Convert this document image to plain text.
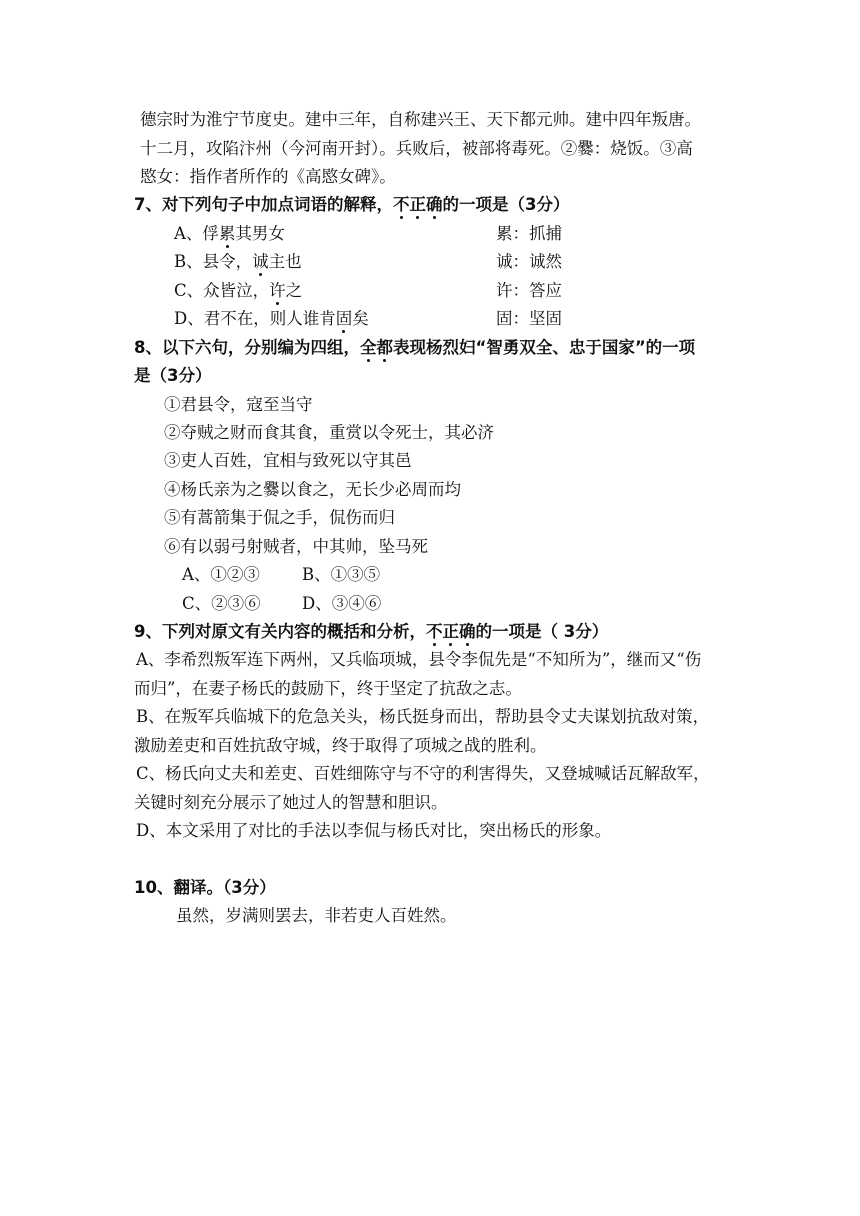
德宗时为淮宁节度史。建中三年，自称建兴王、天下都元帅。建中四年叛唐。
十二月，攻陷汴州（今河南开封）。兵败后，被部将毒死。②爨：烧饭。③高
愍女：指作者所作的《高愍女碑》。
7、对下列句子中加点词语的解释，不正确的一项是（3分）
A、俘累其男女	累：抓捕
B、县令，诚主也	诚：诚然
C、众皆泣，许之	许：答应
D、君不在，则人谁肯固矣	固：坚固
8、以下六句，分别编为四组，全都表现杨烈妇“智勇双全、忠于国家”的一项
是（3分）
①君县令，寇至当守
②夺贼之财而食其食，重赏以令死士，其必济
③吏人百姓，宜相与致死以守其邑
④杨氏亲为之爨以食之，无长少必周而均
⑤有蒿箭集于侃之手，侃伤而归
⑥有以弱弓射贼者，中其帅，坠马死
A、①②③	B、①③⑤
C、②③⑥	D、③④⑥
9、下列对原文有关内容的概括和分析，不正确的一项是（ 3分）
A、李希烈叛军连下两州，又兵临项城，县令李侃先是“不知所为”，继而又“伤
而归”，在妻子杨氏的鼓励下，终于坚定了抗敌之志。
B、在叛军兵临城下的危急关头，杨氏挺身而出，帮助县令丈夫谋划抗敌对策，
激励差吏和百姓抗敌守城，终于取得了项城之战的胜利。
C、杨氏向丈夫和差吏、百姓细陈守与不守的利害得失，又登城喊话瓦解敌军，
关键时刻充分展示了她过人的智慧和胆识。
D、本文采用了对比的手法以李侃与杨氏对比，突出杨氏的形象。
10、翻译。（3分）
虽然，岁满则罢去，非若吏人百姓然。
